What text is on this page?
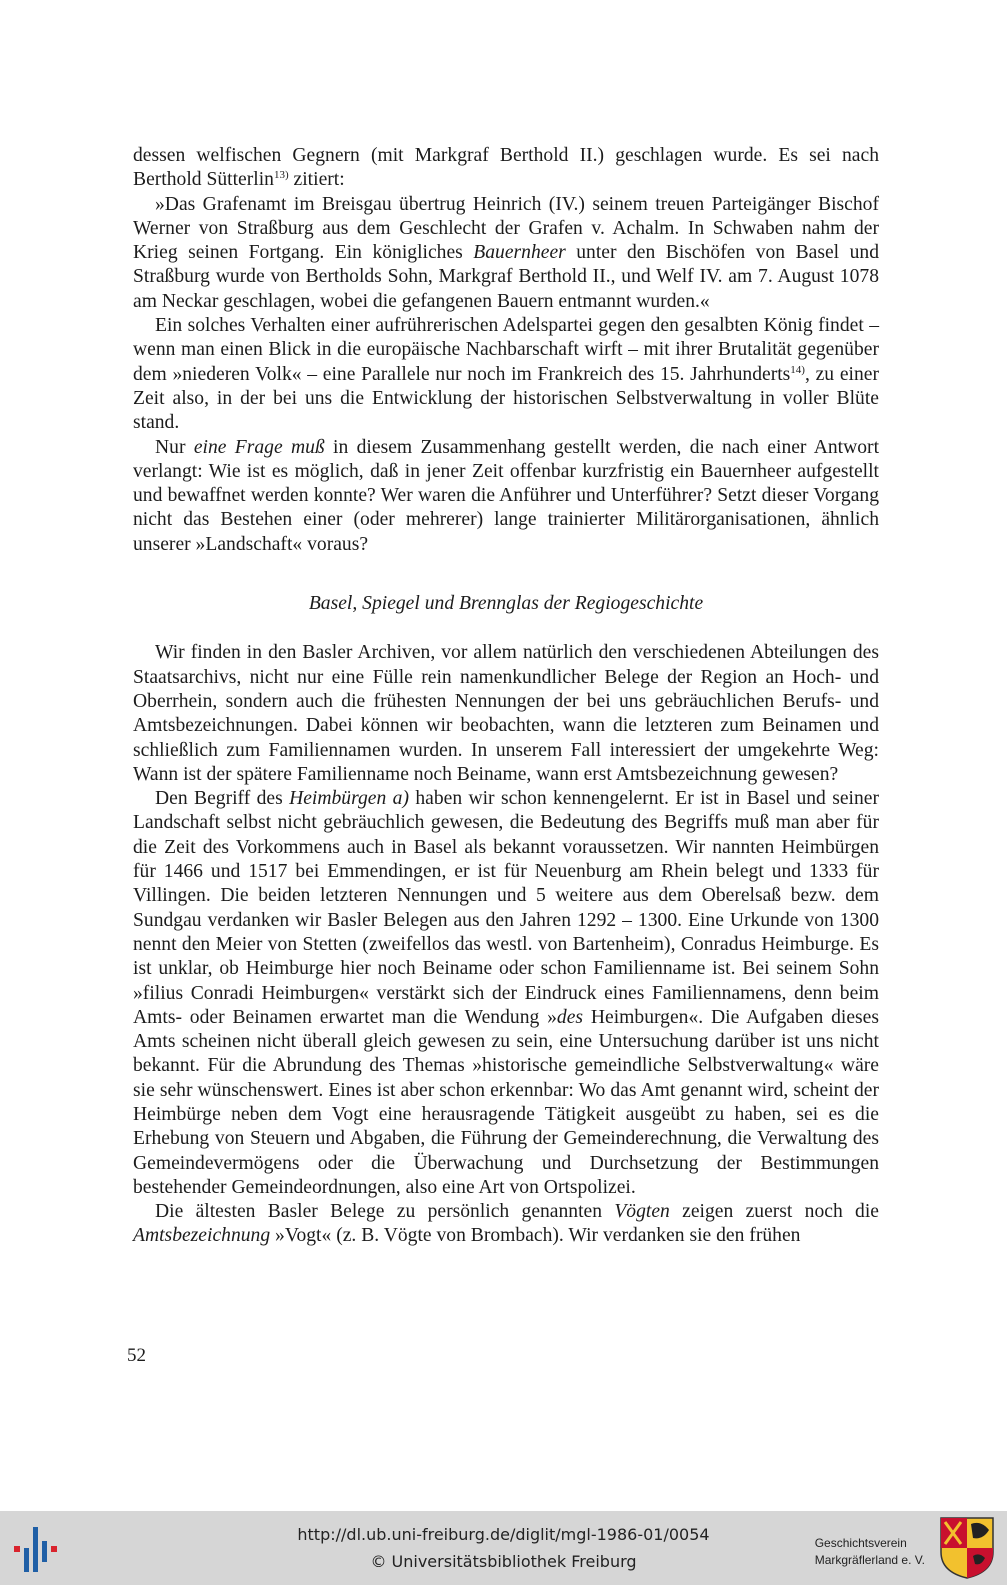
dessen welfischen Gegnern (mit Markgraf Berthold II.) geschlagen wurde. Es sei nach Berthold Sütterlin$^{13)}$ zitiert:

»Das Grafenamt im Breisgau übertrug Heinrich (IV.) seinem treuen Parteigänger Bischof Werner von Straßburg aus dem Geschlecht der Grafen v. Achalm. In Schwaben nahm der Krieg seinen Fortgang. Ein königliches Bauernheer unter den Bischöfen von Basel und Straßburg wurde von Bertholds Sohn, Markgraf Berthold II., und Welf IV. am 7. August 1078 am Neckar geschlagen, wobei die gefangenen Bauern entmannt wurden.«

Ein solches Verhalten einer aufrührerischen Adelspartei gegen den gesalbten König findet – wenn man einen Blick in die europäische Nachbarschaft wirft – mit ihrer Brutalität gegenüber dem »niederen Volk« – eine Parallele nur noch im Frankreich des 15. Jahrhunderts$^{14)}$, zu einer Zeit also, in der bei uns die Entwicklung der historischen Selbstverwaltung in voller Blüte stand.

Nur eine Frage muß in diesem Zusammenhang gestellt werden, die nach einer Antwort verlangt: Wie ist es möglich, daß in jener Zeit offenbar kurzfristig ein Bauernheer aufgestellt und bewaffnet werden konnte? Wer waren die Anführer und Unterführer? Setzt dieser Vorgang nicht das Bestehen einer (oder mehrerer) lange trainierter Militärorganisationen, ähnlich unserer »Landschaft« voraus?

Basel, Spiegel und Brennglas der Regiogeschichte

Wir finden in den Basler Archiven, vor allem natürlich den verschiedenen Abteilungen des Staatsarchivs, nicht nur eine Fülle rein namenkundlicher Belege der Region an Hoch- und Oberrhein, sondern auch die frühesten Nennungen der bei uns gebräuchlichen Berufs- und Amtsbezeichnungen. Dabei können wir beobachten, wann die letzteren zum Beinamen und schließlich zum Familiennamen wurden. In unserem Fall interessiert der umgekehrte Weg: Wann ist der spätere Familienname noch Beiname, wann erst Amtsbezeichnung gewesen?

Den Begriff des Heimbürgen a) haben wir schon kennengelernt. Er ist in Basel und seiner Landschaft selbst nicht gebräuchlich gewesen, die Bedeutung des Begriffs muß man aber für die Zeit des Vorkommens auch in Basel als bekannt voraussetzen. Wir nannten Heimbürgen für 1466 und 1517 bei Emmendingen, er ist für Neuenburg am Rhein belegt und 1333 für Villingen. Die beiden letzteren Nennungen und 5 weitere aus dem Oberelsaß bezw. dem Sundgau verdanken wir Basler Belegen aus den Jahren 1292 – 1300. Eine Urkunde von 1300 nennt den Meier von Stetten (zweifellos das westl. von Bartenheim), Conradus Heimburge. Es ist unklar, ob Heimburge hier noch Beiname oder schon Familienname ist. Bei seinem Sohn »filius Conradi Heimburgen« verstärkt sich der Eindruck eines Familiennamens, denn beim Amts- oder Beinamen erwartet man die Wendung »des Heimburgen«. Die Aufgaben dieses Amts scheinen nicht überall gleich gewesen zu sein, eine Untersuchung darüber ist uns nicht bekannt. Für die Abrundung des Themas »historische gemeindliche Selbstverwaltung« wäre sie sehr wünschenswert. Eines ist aber schon erkennbar: Wo das Amt genannt wird, scheint der Heimbürge neben dem Vogt eine herausragende Tätigkeit ausgeübt zu haben, sei es die Erhebung von Steuern und Abgaben, die Führung der Gemeinderechnung, die Verwaltung des Gemeindevermögens oder die Überwachung und Durchsetzung der Bestimmungen bestehender Gemeindeordnungen, also eine Art von Ortspolizei.

Die ältesten Basler Belege zu persönlich genannten Vögten zeigen zuerst noch die Amtsbezeichnung »Vogt« (z. B. Vögte von Brombach). Wir verdanken sie den frühen

52
http://dl.ub.uni-freiburg.de/diglit/mgl-1986-01/0054
© Universitätsbibliothek Freiburg
Geschichtsverein
Markgräflerland e. V.
